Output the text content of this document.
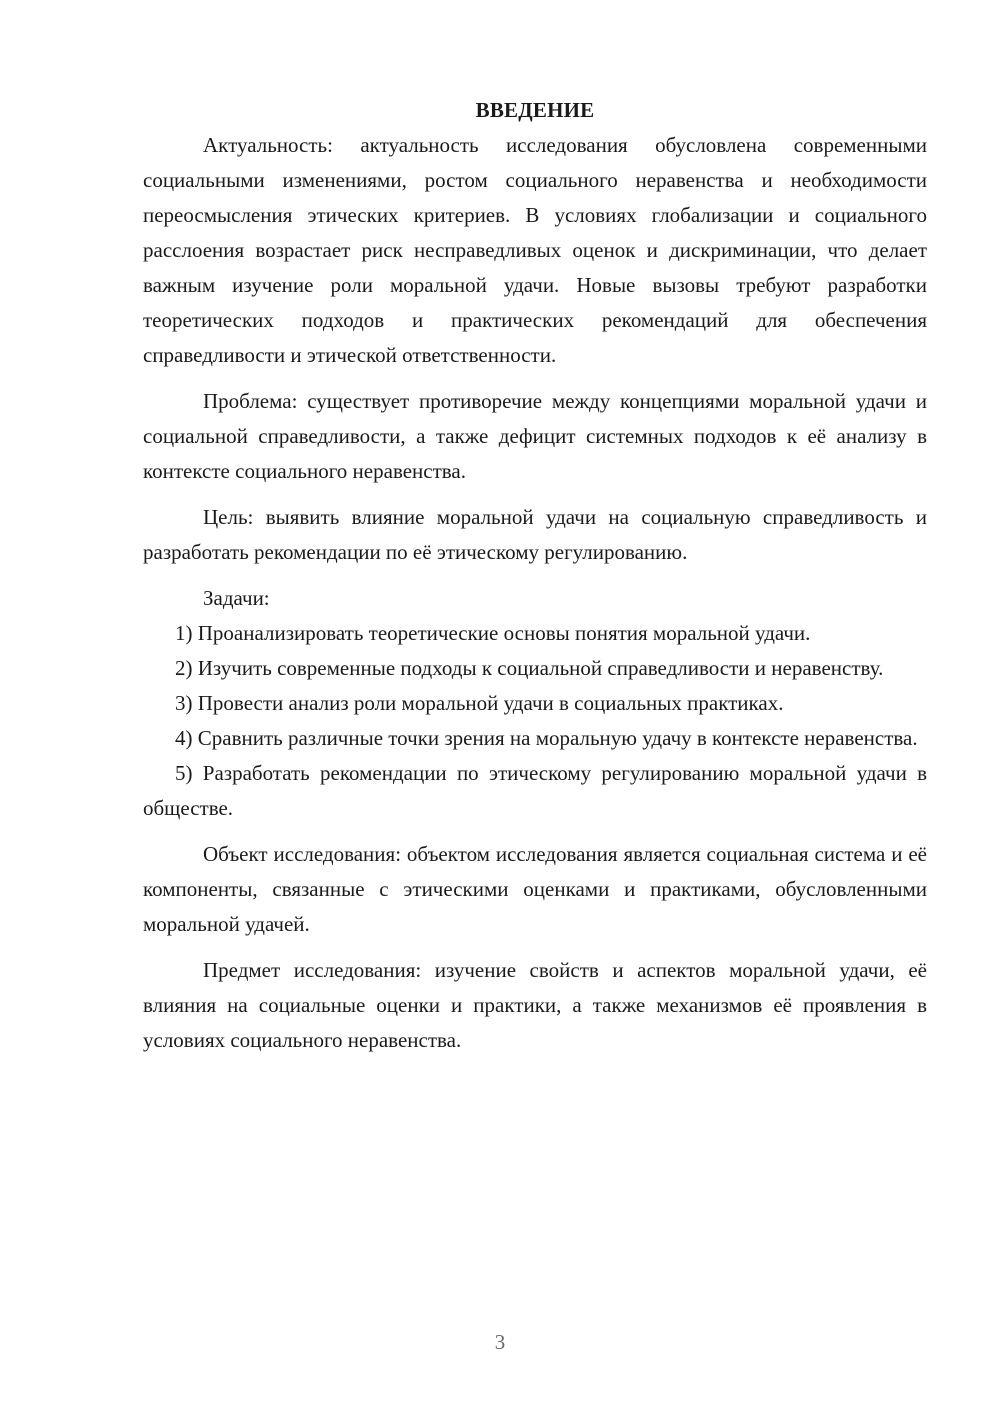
ВВЕДЕНИЕ

Актуальность: актуальность исследования обусловлена современными социальными изменениями, ростом социального неравенства и необходимости переосмысления этических критериев. В условиях глобализации и социального расслоения возрастает риск несправедливых оценок и дискриминации, что делает важным изучение роли моральной удачи. Новые вызовы требуют разработки теоретических подходов и практических рекомендаций для обеспечения справедливости и этической ответственности.

Проблема: существует противоречие между концепциями моральной удачи и социальной справедливости, а также дефицит системных подходов к её анализу в контексте социального неравенства.

Цель: выявить влияние моральной удачи на социальную справедливость и разработать рекомендации по её этическому регулированию.

Задачи:

1) Проанализировать теоретические основы понятия моральной удачи.

2) Изучить современные подходы к социальной справедливости и неравенству.

3) Провести анализ роли моральной удачи в социальных практиках.

4) Сравнить различные точки зрения на моральную удачу в контексте неравенства.

5) Разработать рекомендации по этическому регулированию моральной удачи в обществе.

Объект исследования: объектом исследования является социальная система и её компоненты, связанные с этическими оценками и практиками, обусловленными моральной удачей.

Предмет исследования: изучение свойств и аспектов моральной удачи, её влияния на социальные оценки и практики, а также механизмов её проявления в условиях социального неравенства.

3
